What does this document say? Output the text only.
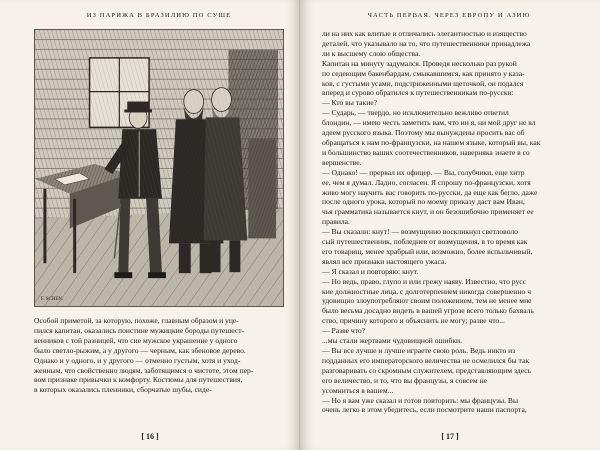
ИЗ ПАРИЖА В БРАЗИЛИЮ ПО СУШЕ
F. SCHEN.

Особой приметой, за которую, похоже, главным образом и уце-

пился капитан, оказались поистине мужицкие бороды путешест-

венников с той разницей, что сие мужское украшение у одного

было светло-рыжим, а у другого — черным, как эбеновое дерево.

Однако и у одного, и у другого — отменно густым, хотя и уход-

женным, что свойственно людям, заботящимся о чистоте, этом пер-

вом признаке привычки к комфорту. Костюмы для путешествия,

в которых оказались пленники, сборчатые шубы, сиде-

[ 16 ]
ЧАСТЬ ПЕРВАЯ. ЧЕРЕЗ ЕВРОПУ И АЗИЮ

ли на них как влитые и отличались элегантностью и изящество

деталей, что указывало на то, что путешественники принадлежа

ли к высшему слою общества.

Капитан на минуту задумался. Проведя несколько раз рукой

по седеющим бакенбардам, смыкавшимся, как принято у каза-

ков, с густыми усами, подстриженными щеточкой, он подался

вперед и сурово обратился к путешественникам по-русски:

— Кто вы такие?

— Сударь, — твердо, но исключительно вежливо ответил

блондин, — имею честь заметить вам, что ни я, ни мой друг не вл

адеем русского языка. Поэтому мы вынуждены просить вас об

обращаться к нам по-французски, на нашем языке, который вы, как

и большинство ваших соотечественников, наверняка знаете в со

вершенстве.

— Однако! — прервал их офицер. — Вы, голубчики, еще хитр

ее, чем я думал. Ладно, согласен. Я спрошу по-французски, хотя

живо могу научить вас говорить по-русски, да еще как бегло, даже

после одного урока, который по моему приказу даст вам Иван,

чья грамматика называется кнут, и он безошибочно применяет ее

правила.

— Вы сказали: кнут! — возмущенно воскликнул светловоло

сый путешественник, побледнев от возмущения, в то время как

его товарищ, менее храбрый или, возможно, более вспыльчивый,

являл все признаки настоящего ужаса.

— Я сказал и повторяю: кнут.

— Но ведь, право, глупо и или грежу наяву. Известно, что русс

кие должностные лица, с долготерпением никогда совершенно ч

удовищно злоупотребляют своим положением, тем не менее мне

было весьма досадно видеть в вашей угрозе всего только бахваль

ство, причину которого и объяснить не могу; разве что...

— Разве что?

...мы стали жертвами чудовищной ошибки.

— Вы все лучше и лучше играете свою роль. Ведь никто из

подданных его императорского величества не осмелился бы так

разговаривать со скромным служителем, представляющим здесь

его величество, и то, что вы французы, я совсем не

усомниться в вашем...

— Но я вам уже сказал и готов повторить: мы французы. Вы

очень легко в этом убедитесь, если посмотрите наши паспорта,

[ 17 ]
